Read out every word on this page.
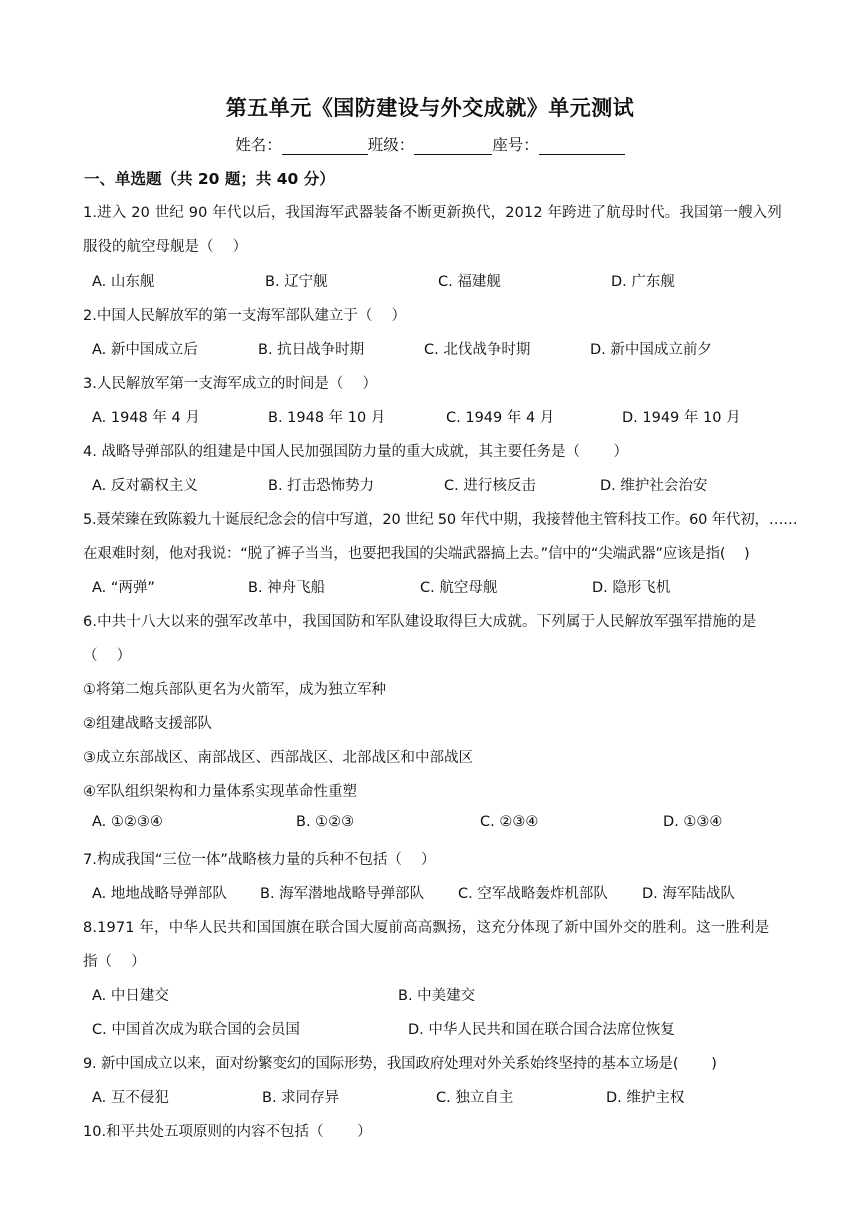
第五单元《国防建设与外交成就》单元测试
姓名：	班级：	座号：
一、单选题（共 20 题；共 40 分）
1.进入 20 世纪 90 年代以后，我国海军武器装备不断更新换代，2012 年跨进了航母时代。我国第一艘入列
服役的航空母舰是（　 ）
A. 山东舰	B. 辽宁舰	C. 福建舰	D. 广东舰
2.中国人民解放军的第一支海军部队建立于（　 ）
A. 新中国成立后	B. 抗日战争时期	C. 北伐战争时期	D. 新中国成立前夕
3.人民解放军第一支海军成立的时间是（　 ）
A. 1948 年 4 月	B. 1948 年 10 月	C. 1949 年 4 月	D. 1949 年 10 月
4. 战略导弹部队的组建是中国人民加强国防力量的重大成就，其主要任务是（　 　）
A. 反对霸权主义	B. 打击恐怖势力	C. 进行核反击	D. 维护社会治安
5.聂荣臻在致陈毅九十诞辰纪念会的信中写道，20 世纪 50 年代中期，我接替他主管科技工作。60 年代初，……
在艰难时刻，他对我说：“脱了裤子当当，也要把我国的尖端武器搞上去。”信中的“尖端武器”应该是指(　 )
A. “两弹”	B. 神舟飞船	C. 航空母舰	D. 隐形飞机
6.中共十八大以来的强军改革中，我国国防和军队建设取得巨大成就。下列属于人民解放军强军措施的是
（　 ）
①将第二炮兵部队更名为火箭军，成为独立军种
②组建战略支援部队
③成立东部战区、南部战区、西部战区、北部战区和中部战区
④军队组织架构和力量体系实现革命性重塑
A. ①②③④	B. ①②③	C. ②③④	D. ①③④
7.构成我国“三位一体”战略核力量的兵种不包括（　 ）
A. 地地战略导弹部队 B. 海军潜地战略导弹部队 C. 空军战略轰炸机部队 D. 海军陆战队
8.1971 年，中华人民共和国国旗在联合国大厦前高高飘扬，这充分体现了新中国外交的胜利。这一胜利是
指（　 ）
A. 中日建交	B. 中美建交
C. 中国首次成为联合国的会员国	D. 中华人民共和国在联合国合法席位恢复
9. 新中国成立以来，面对纷繁变幻的国际形势，我国政府处理对外关系始终坚持的基本立场是(　 　)
A. 互不侵犯	B. 求同存异	C. 独立自主	D. 维护主权
10.和平共处五项原则的内容不包括（　 　）
